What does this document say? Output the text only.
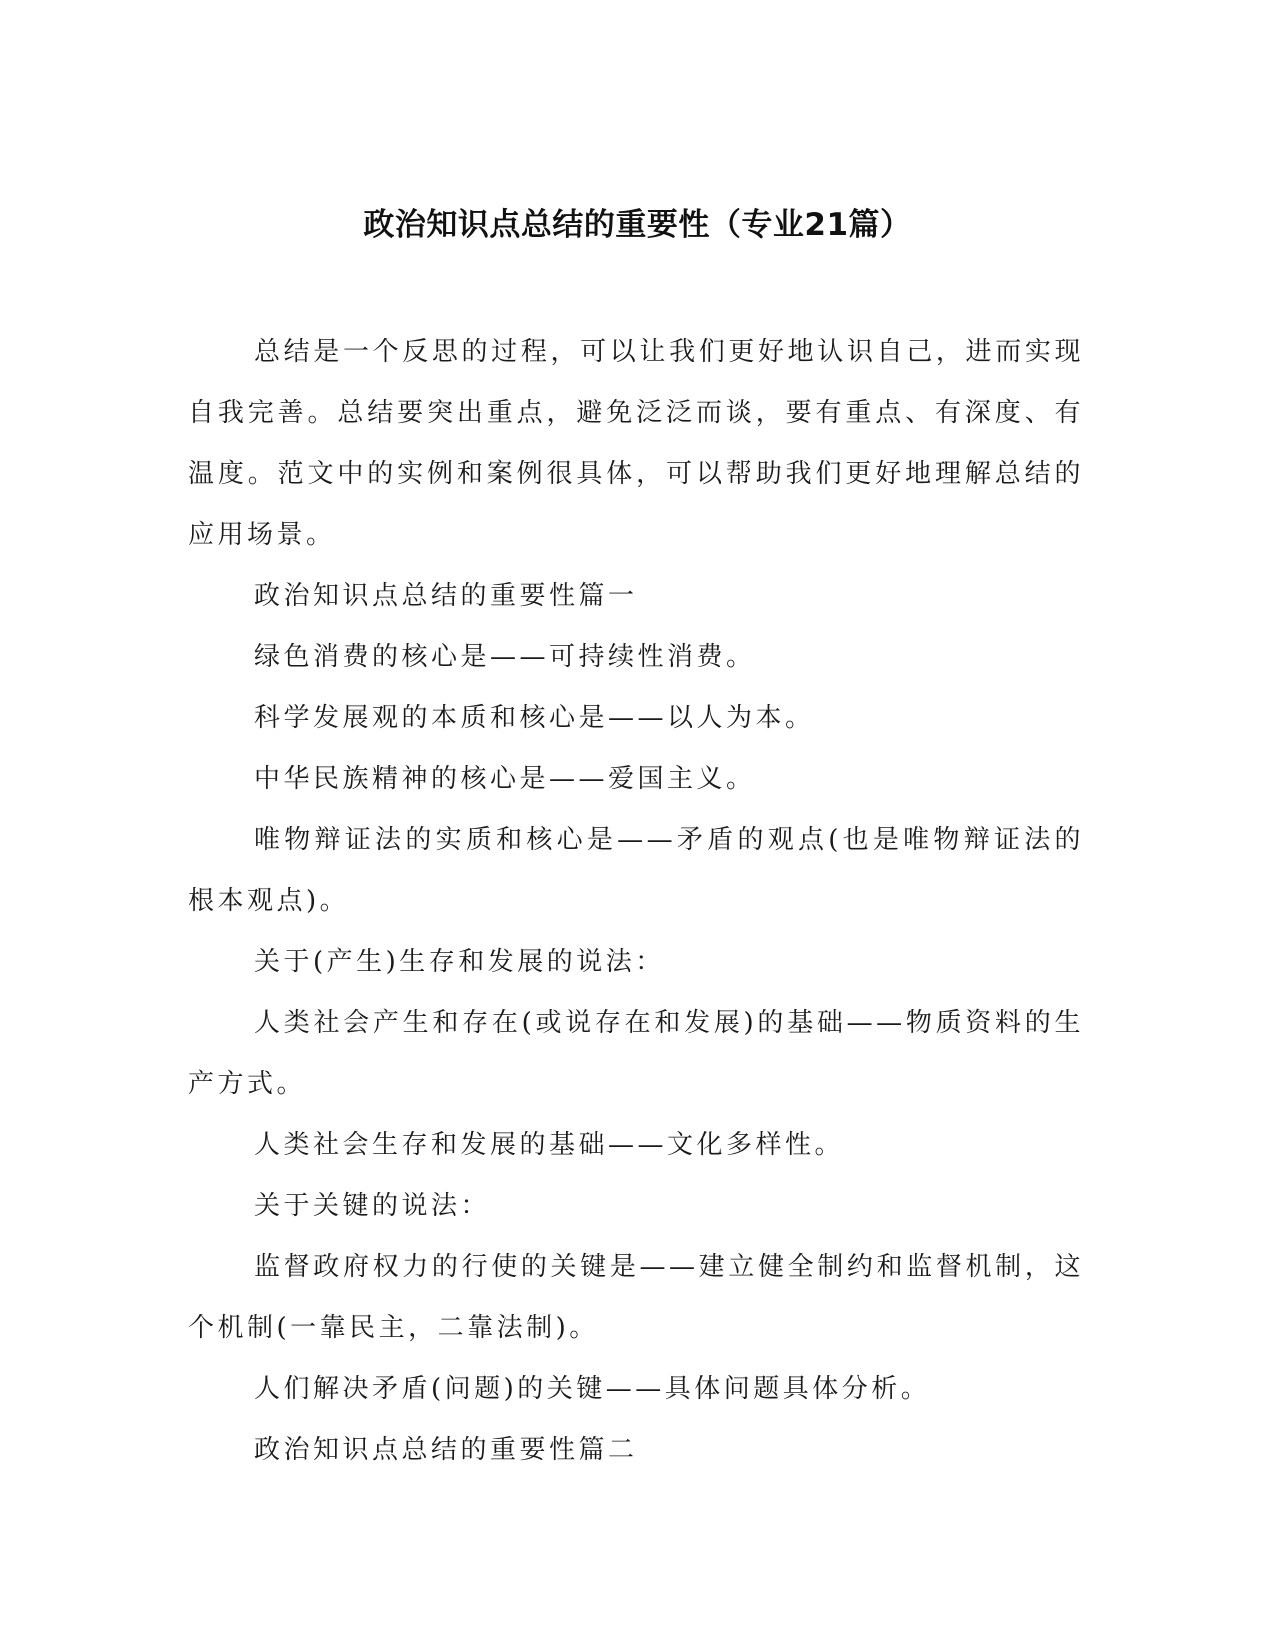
政治知识点总结的重要性（专业21篇）

总结是一个反思的过程，可以让我们更好地认识自己，进而实现自我完善。总结要突出重点，避免泛泛而谈，要有重点、有深度、有温度。范文中的实例和案例很具体，可以帮助我们更好地理解总结的应用场景。

政治知识点总结的重要性篇一

绿色消费的核心是——可持续性消费。

科学发展观的本质和核心是——以人为本。

中华民族精神的核心是——爱国主义。

唯物辩证法的实质和核心是——矛盾的观点(也是唯物辩证法的根本观点)。

关于(产生)生存和发展的说法：

人类社会产生和存在(或说存在和发展)的基础——物质资料的生产方式。

人类社会生存和发展的基础——文化多样性。

关于关键的说法：

监督政府权力的行使的关键是——建立健全制约和监督机制，这个机制(一靠民主，二靠法制)。

人们解决矛盾(问题)的关键——具体问题具体分析。

政治知识点总结的重要性篇二
